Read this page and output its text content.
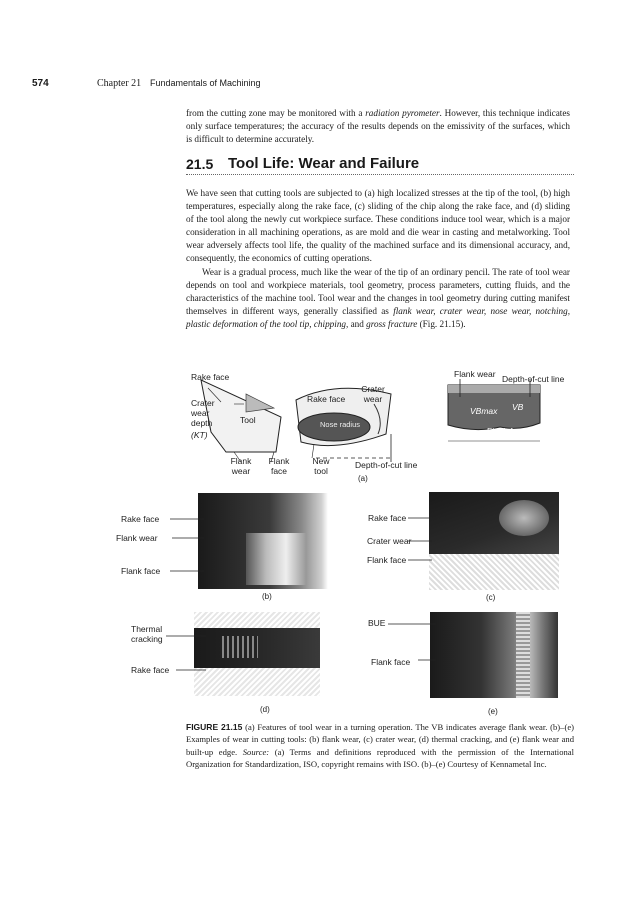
574	Chapter 21 Fundamentals of Machining

from the cutting zone may be monitored with a radiation pyrometer. However, this technique indicates only surface temperatures; the accuracy of the results depends on the emissivity of the surfaces, which is difficult to determine accurately.

21.5 Tool Life: Wear and Failure

We have seen that cutting tools are subjected to (a) high localized stresses at the tip of the tool, (b) high temperatures, especially along the rake face, (c) sliding of the chip along the rake face, and (d) sliding of the tool along the newly cut workpiece surface. These conditions induce tool wear, which is a major consideration in all machining operations, as are mold and die wear in casting and metalworking. Tool wear adversely affects tool life, the quality of the machined surface and its dimensional accuracy, and, consequently, the economics of cutting operations.

Wear is a gradual process, much like the wear of the tip of an ordinary pencil. The rate of tool wear depends on tool and workpiece materials, tool geometry, process parameters, cutting fluids, and the characteristics of the machine tool. Tool wear and the changes in tool geometry during cutting manifest themselves in different ways, generally classified as flank wear, crater wear, nose wear, notching, plastic deformation of the tool tip, chipping, and gross fracture (Fig. 21.15).

Rake face
Crater wear depth
(KT)
Tool
Rake face
Crater wear
Nose radius
Flank wear
Flank face
New tool
Depth-of-cut line
(a)
Flank wear Depth-of-cut line
VBmax VB
Flank face
Rake face
Flank wear
Flank face
(b)
Rake face
Crater wear
Flank face
(c)
Thermal cracking
Rake face
(d)
BUE
Flank face
(e)

FIGURE 21.15 (a) Features of tool wear in a turning operation. The VB indicates average flank wear. (b)–(e) Examples of wear in cutting tools: (b) flank wear, (c) crater wear, (d) thermal cracking, and (e) flank wear and built-up edge. Source: (a) Terms and definitions reproduced with the permission of the International Organization for Standardization, ISO, copyright remains with ISO. (b)–(e) Courtesy of Kennametal Inc.
